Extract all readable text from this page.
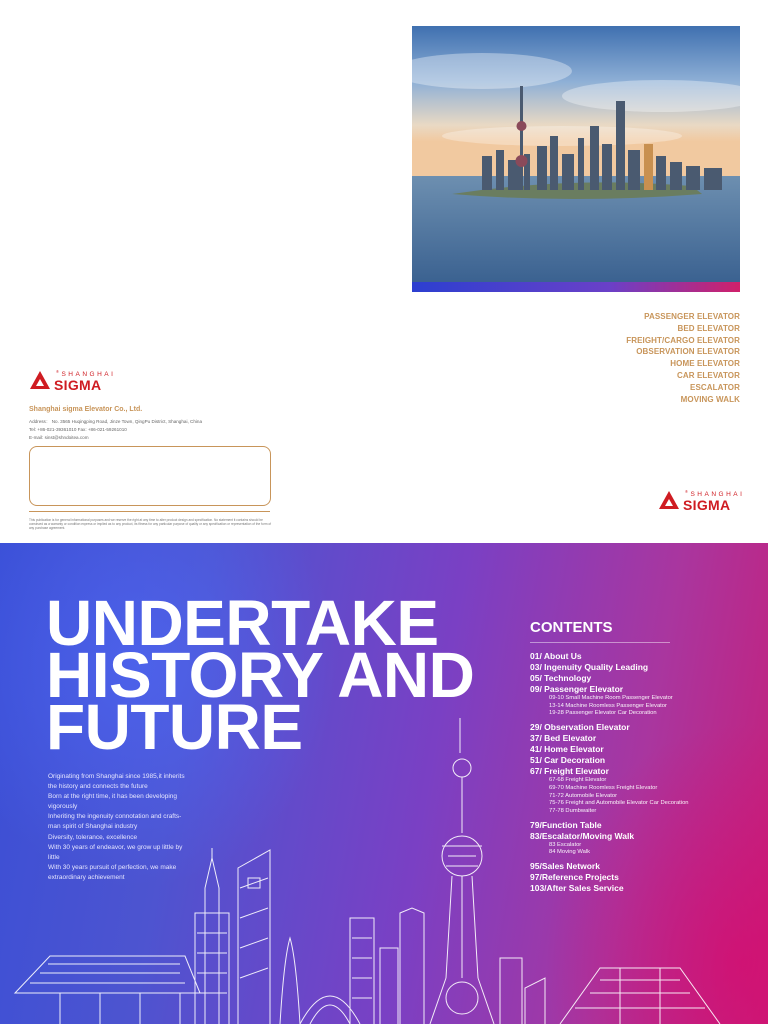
PASSENGER ELEVATOR
BED ELEVATOR
FREIGHT/CARGO ELEVATOR
OBSERVATION ELEVATOR
HOME ELEVATOR
CAR ELEVATOR
ESCALATOR
MOVING WALK
®SHANGHAI
SIGMA
Shanghai sigma Elevator Co., Ltd.
Address： No. 3565 Huqingping Road, Jinze Town, QingPu District, Shanghai, China
Tel: +86-021-39361010 Fax: +86-021-59261010
E-mail: sinst@shndoitea.com
This publication is for general informational purposes and we reserve the right at any time to alter product design and specification. No statement it contains should be construed as a warranty or condition express or implied as to any product, its fitness for any particular purpose of quality or any specification or representation of the form of any purchase agreement.
®SHANGHAI
SIGMA
UNDERTAKE
HISTORY AND
FUTURE
Originating from Shanghai since 1985,it inherits
the history and connects the future
Born at the right time, it has been developing
vigorously
Inheriting the ingenuity connotation and crafts-
man spirit of Shanghai industry
Diversity, tolerance, excellence
With 30 years of endeavor, we grow up little by
little
With 30 years pursuit of perfection, we make
extraordinary achievement
CONTENTS
01/ About Us
03/ Ingenuity Quality Leading
05/ Technology
09/ Passenger Elevator
09-10 Small Machine Room Passenger Elevator
13-14 Machine Roomless Passenger Elevator
19-28 Passenger Elevator Car Decoration
29/ Observation Elevator
37/ Bed Elevator
41/ Home Elevator
51/ Car Decoration
67/ Freight Elevator
67-68 Freight Elevator
69-70 Machine Roomless Freight Elevator
71-72 Automobile Elevator
75-76 Freight and Automobile Elevator Car Decoration
77-78 Dumbwaiter
79/Function Table
83/Escalator/Moving Walk
83 Escalator
84 Moving Walk
95/Sales Network
97/Reference Projects
103/After Sales Service
